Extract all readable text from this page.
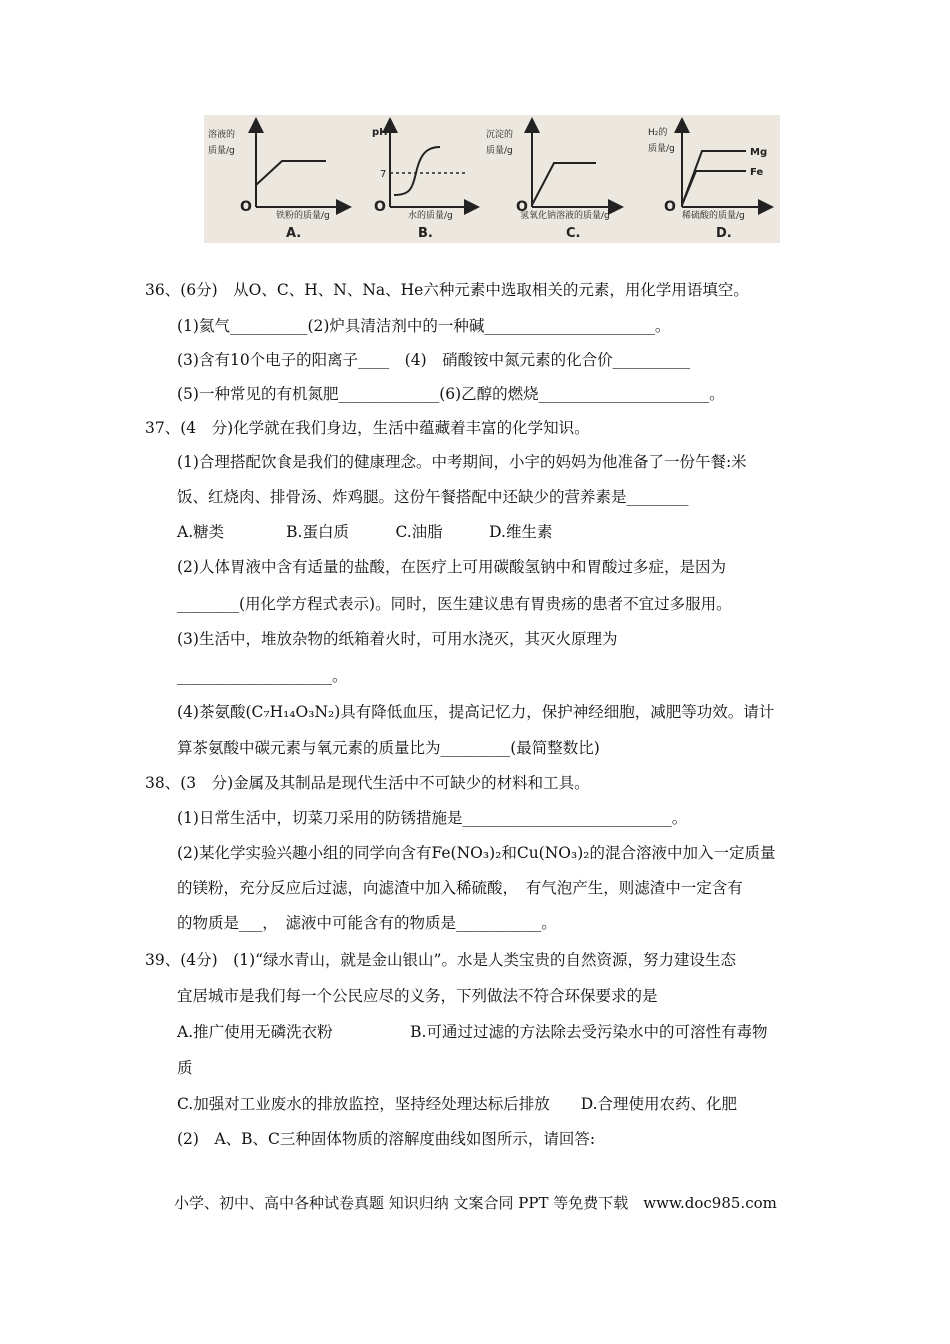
溶液的
质量/g
O
铁粉的质量/g
A.
pH
7
O
水的质量/g
B.
沉淀的
质量/g
O
氢氧化钠溶液的质量/g
C.
H₂的
质量/g	Mg
Fe
O
稀硫酸的质量/g
D.
36、(6分)　从O、C、H、N、Na、He六种元素中选取相关的元素，用化学用语填空。
(1)氦气__________(2)炉具清洁剂中的一种碱______________________。
(3)含有10个电子的阳离子____　(4)　硝酸铵中氮元素的化合价__________
(5)一种常见的有机氮肥_____________(6)乙醇的燃烧______________________。
37、(4　分)化学就在我们身边，生活中蕴藏着丰富的化学知识。
(1)合理搭配饮食是我们的健康理念。中考期间，小宇的妈妈为他准备了一份午餐:米
饭、红烧肉、排骨汤、炸鸡腿。这份午餐搭配中还缺少的营养素是________
A.糖类　　　　B.蛋白质　　　C.油脂　　　D.维生素
(2)人体胃液中含有适量的盐酸，在医疗上可用碳酸氢钠中和胃酸过多症，是因为
________(用化学方程式表示)。同时，医生建议患有胃贵疡的患者不宜过多服用。
(3)生活中，堆放杂物的纸箱着火时，可用水浇灭，其灭火原理为
____________________。
(4)茶氨酸(C₇H₁₄O₃N₂)具有降低血压，提高记忆力，保护神经细胞，减肥等功效。请计
算茶氨酸中碳元素与氧元素的质量比为_________(最简整数比)
38、(3　分)金属及其制品是现代生活中不可缺少的材料和工具。
(1)日常生活中，切菜刀采用的防锈措施是___________________________。
(2)某化学实验兴趣小组的同学向含有Fe(NO₃)₂和Cu(NO₃)₂的混合溶液中加入一定质量
的镁粉，充分反应后过滤，向滤渣中加入稀硫酸，　有气泡产生，则滤渣中一定含有
的物质是___，　滤液中可能含有的物质是___________。
39、(4分)　(1)“绿水青山，就是金山银山”。水是人类宝贵的自然资源，努力建设生态
宜居城市是我们每一个公民应尽的义务，下列做法不符合环保要求的是
A.推广使用无磷洗衣粉　　　　　B.可通过过滤的方法除去受污染水中的可溶性有毒物
质
C.加强对工业废水的排放监控，坚持经处理达标后排放　　D.合理使用农药、化肥
(2)　A、B、C三种固体物质的溶解度曲线如图所示，请回答:
小学、初中、高中各种试卷真题 知识归纳 文案合同 PPT 等免费下载　www.doc985.com
